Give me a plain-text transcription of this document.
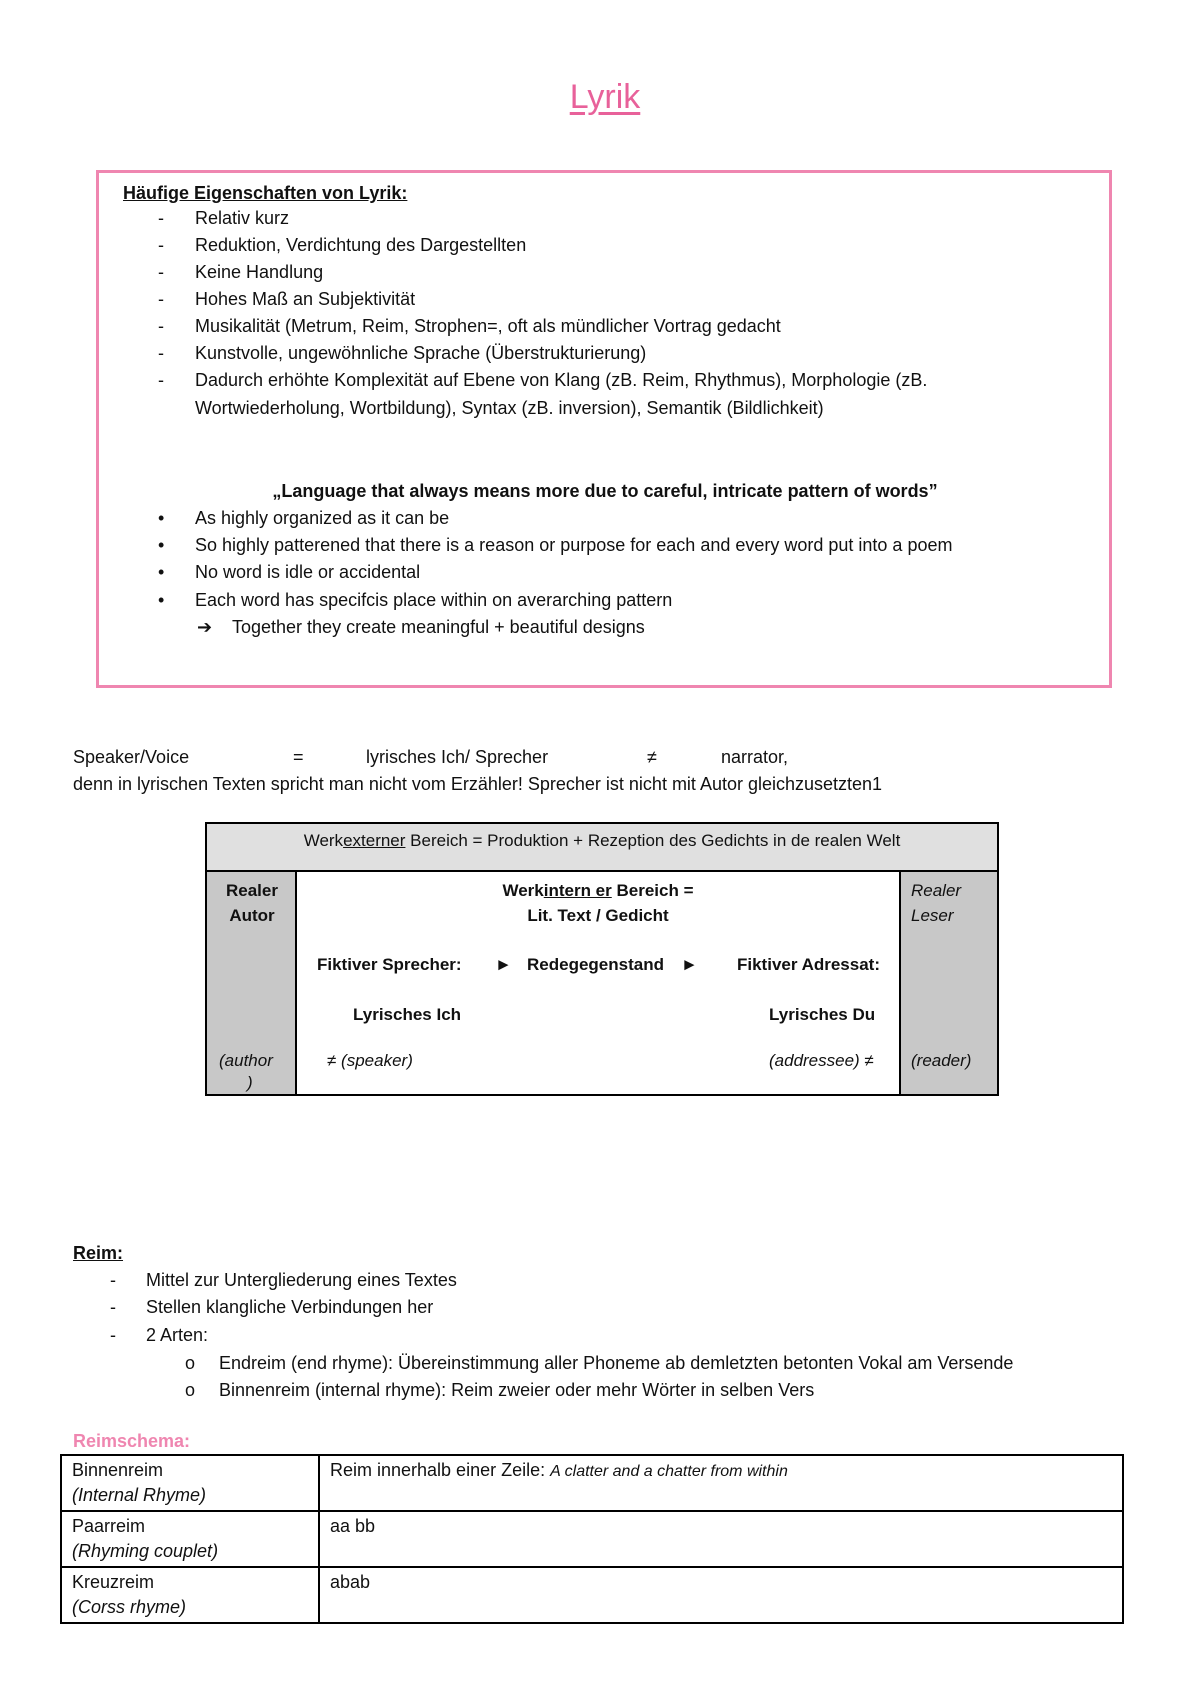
Lyrik
Häufige Eigenschaften von Lyrik:
- Relativ kurz
- Reduktion, Verdichtung des Dargestellten
- Keine Handlung
- Hohes Maß an Subjektivität
- Musikalität (Metrum, Reim, Strophen=, oft als mündlicher Vortrag gedacht
- Kunstvolle, ungewöhnliche Sprache (Überstrukturierung)
- Dadurch erhöhte Komplexität auf Ebene von Klang (zB. Reim, Rhythmus), Morphologie (zB.
Wortwiederholung, Wortbildung), Syntax (zB. inversion), Semantik (Bildlichkeit)
„Language that always means more due to careful, intricate pattern of words”
• As highly organized as it can be
• So highly patterened that there is a reason or purpose for each and every word put into a poem
• No word is idle or accidental
• Each word has specifcis place within on averarching pattern
➔ Together they create meaningful + beautiful designs
Speaker/Voice	=	lyrisches Ich/ Sprecher	≠	narrator,
denn in lyrischen Texten spricht man nicht vom Erzähler! Sprecher ist nicht mit Autor gleichzusetzten1
Werkexterner Bereich = Produktion + Rezeption des Gedichts in de realen Welt
Realer
Autor
(author
)
Werkintern er Bereich =
Lit. Text / Gedicht
Fiktiver Sprecher: ► Redegegenstand ► Fiktiver Adressat:
Lyrisches Ich	Lyrisches Du
≠ (speaker)	(addressee) ≠
Realer
Leser
(reader)
Reim:
- Mittel zur Untergliederung eines Textes
- Stellen klangliche Verbindungen her
- 2 Arten:
o Endreim (end rhyme): Übereinstimmung aller Phoneme ab demletzten betonten Vokal am Versende
o Binnenreim (internal rhyme): Reim zweier oder mehr Wörter in selben Vers
Reimschema:
Binnenreim
(Internal Rhyme)	Reim innerhalb einer Zeile: A clatter and a chatter from within

Paarreim
(Rhyming couplet)	aa bb

Kreuzreim
(Corss rhyme)	abab
